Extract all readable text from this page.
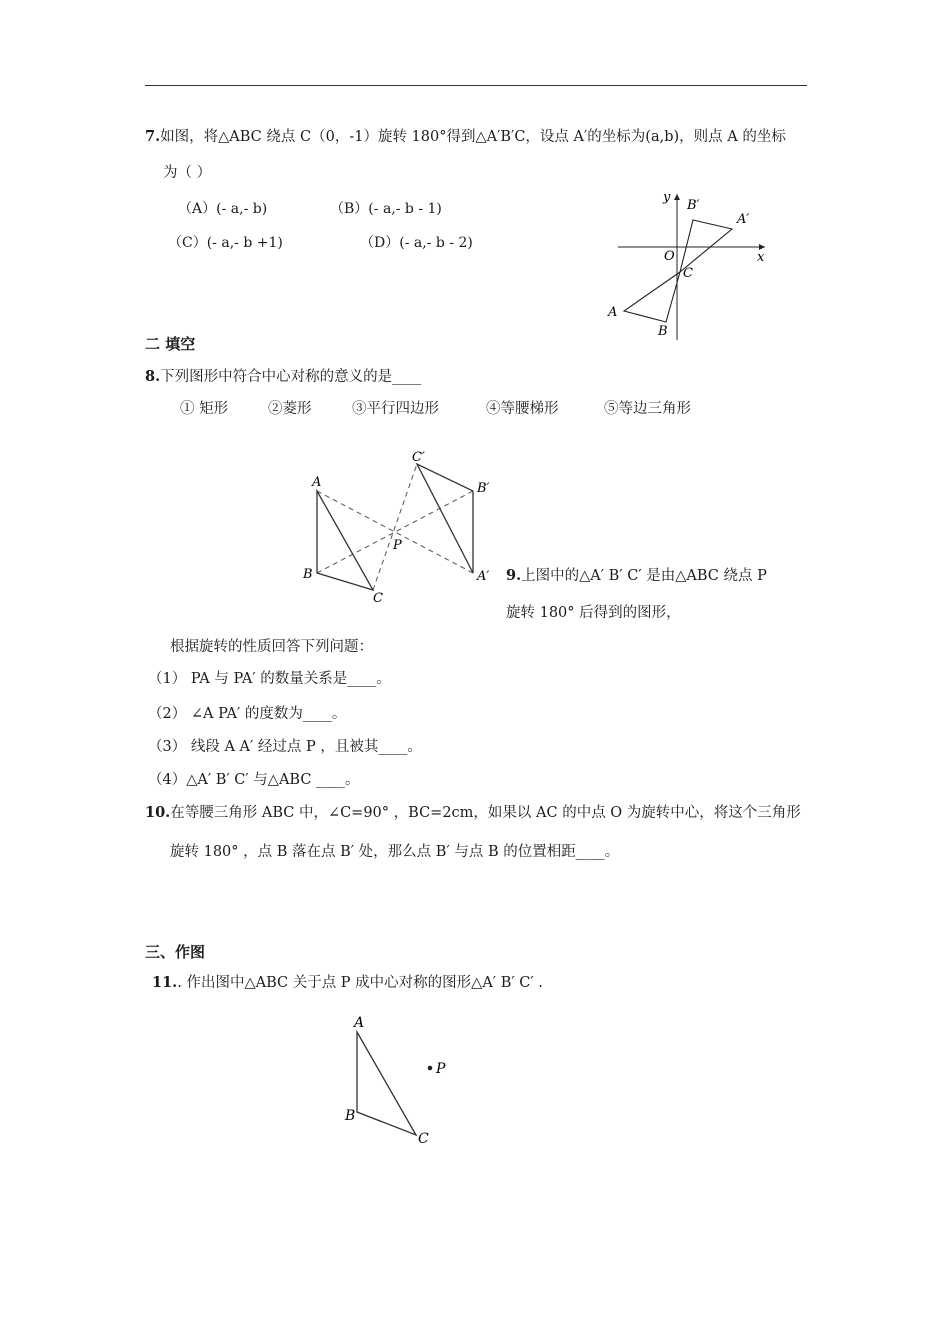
7.如图，将△ABC 绕点 C（0，-1）旋转 180°得到△A′B′C，设点 A′的坐标为(a,b)，则点 A 的坐标
为（ ）
（A）(- a,- b)	（B）(- a,- b - 1)
（C）(- a,- b +1)	（D）(- a,- b - 2)
y
x
O
B′
A′
C
A
B
二 填空
8.下列图形中符合中心对称的意义的是____
① 矩形	②菱形	③平行四边形	④等腰梯形	⑤等边三角形
A
B
C
P
A′
B′
C′
9.上图中的△A′ B′ C′ 是由△ABC 绕点 P
旋转 180° 后得到的图形，
根据旋转的性质回答下列问题：
（1） PA 与 PA′ 的数量关系是____。
（2） ∠A PA′ 的度数为____。
（3） 线段 A A′ 经过点 P ，且被其____。
（4）△A′ B′ C′ 与△ABC ____。
10.在等腰三角形 ABC 中，∠C=90° ，BC=2cm，如果以 AC 的中点 O 为旋转中心，将这个三角形
旋转 180° ，点 B 落在点 B′ 处，那么点 B′ 与点 B 的位置相距____。
三、作图
11.. 作出图中△ABC 关于点 P 成中心对称的图形△A′ B′ C′ .
A
B
C
P
